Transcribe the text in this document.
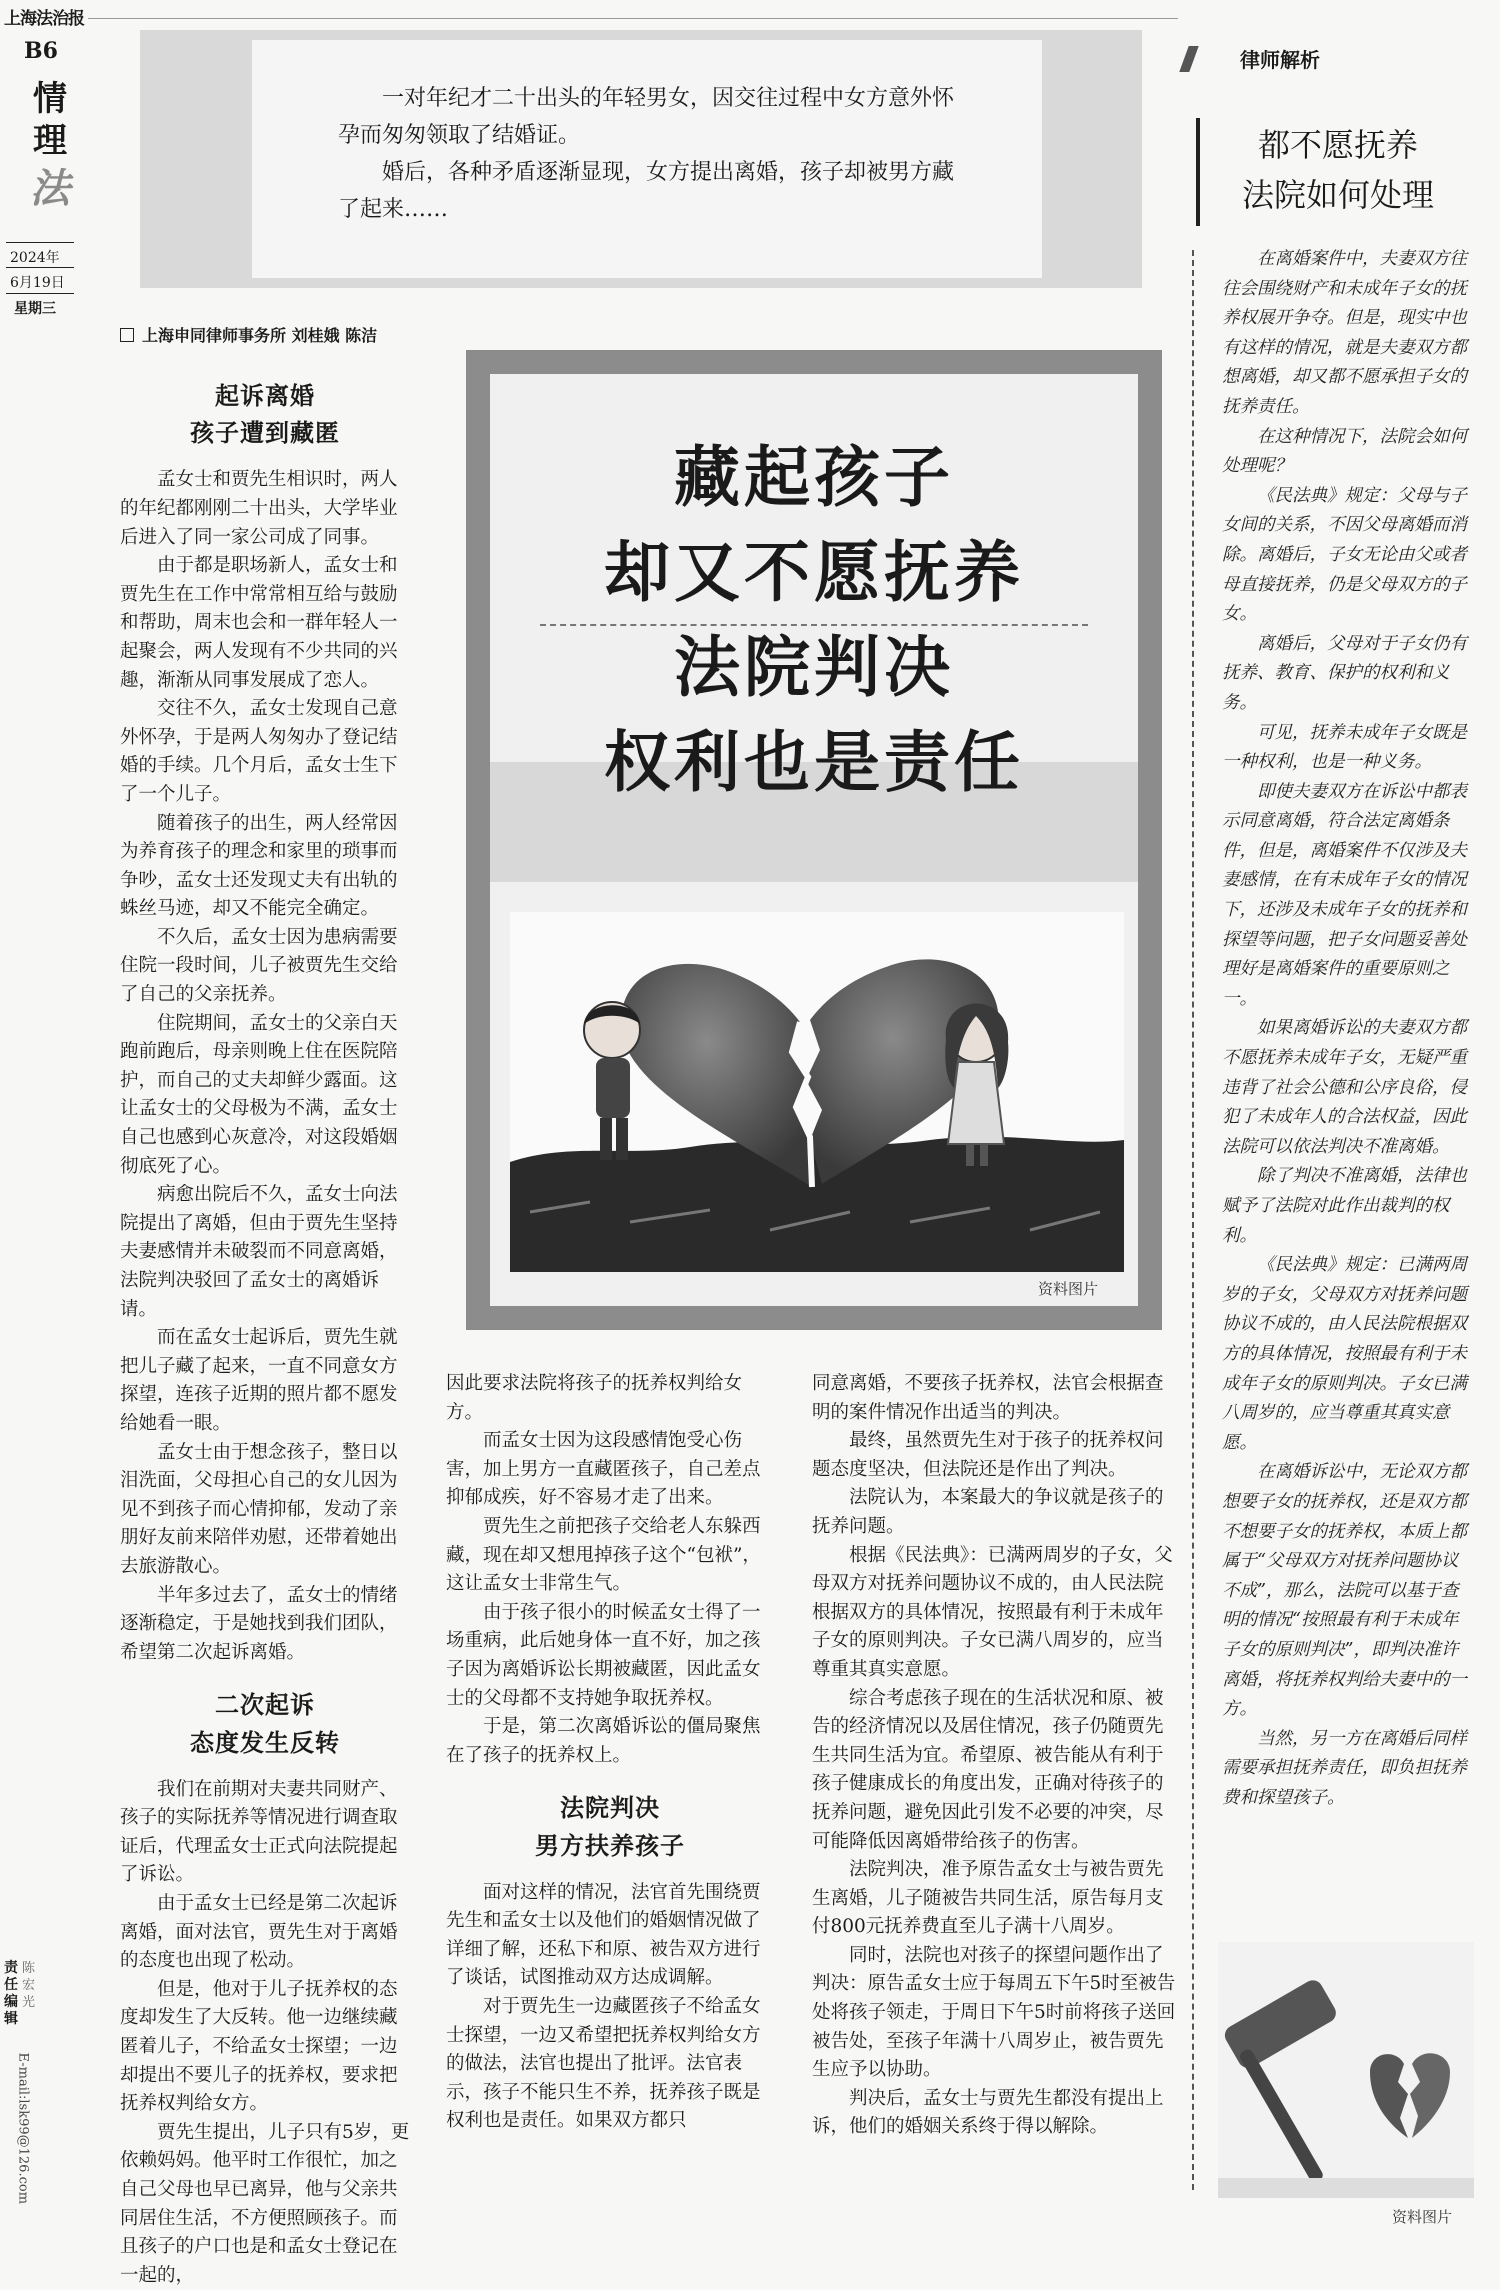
上海法治报
B6
情
理
法
2024年
6月19日
星期三

一对年纪才二十出头的年轻男女，因交往过程中女方意外怀孕而匆匆领取了结婚证。

婚后，各种矛盾逐渐显现，女方提出离婚，孩子却被男方藏了起来……

上海申同律师事务所 刘桂娥 陈洁
起诉离婚
孩子遭到藏匿

孟女士和贾先生相识时，两人的年纪都刚刚二十出头，大学毕业后进入了同一家公司成了同事。

由于都是职场新人，孟女士和贾先生在工作中常常相互给与鼓励和帮助，周末也会和一群年轻人一起聚会，两人发现有不少共同的兴趣，渐渐从同事发展成了恋人。

交往不久，孟女士发现自己意外怀孕，于是两人匆匆办了登记结婚的手续。几个月后，孟女士生下了一个儿子。

随着孩子的出生，两人经常因为养育孩子的理念和家里的琐事而争吵，孟女士还发现丈夫有出轨的蛛丝马迹，却又不能完全确定。

不久后，孟女士因为患病需要住院一段时间，儿子被贾先生交给了自己的父亲抚养。

住院期间，孟女士的父亲白天跑前跑后，母亲则晚上住在医院陪护，而自己的丈夫却鲜少露面。这让孟女士的父母极为不满，孟女士自己也感到心灰意冷，对这段婚姻彻底死了心。

病愈出院后不久，孟女士向法院提出了离婚，但由于贾先生坚持夫妻感情并未破裂而不同意离婚，法院判决驳回了孟女士的离婚诉请。

而在孟女士起诉后，贾先生就把儿子藏了起来，一直不同意女方探望，连孩子近期的照片都不愿发给她看一眼。

孟女士由于想念孩子，整日以泪洗面，父母担心自己的女儿因为见不到孩子而心情抑郁，发动了亲朋好友前来陪伴劝慰，还带着她出去旅游散心。

半年多过去了，孟女士的情绪逐渐稳定，于是她找到我们团队，希望第二次起诉离婚。

二次起诉
态度发生反转

我们在前期对夫妻共同财产、孩子的实际抚养等情况进行调查取证后，代理孟女士正式向法院提起了诉讼。

由于孟女士已经是第二次起诉离婚，面对法官，贾先生对于离婚的态度也出现了松动。

但是，他对于儿子抚养权的态度却发生了大反转。他一边继续藏匿着儿子，不给孟女士探望；一边却提出不要儿子的抚养权，要求把抚养权判给女方。

贾先生提出，儿子只有5岁，更依赖妈妈。他平时工作很忙，加之自己父母也早已离异，他与父亲共同居住生活，不方便照顾孩子。而且孩子的户口也是和孟女士登记在一起的，

藏起孩子
却又不愿抚养
法院判决
权利也是责任
资料图片

因此要求法院将孩子的抚养权判给女方。

而孟女士因为这段感情饱受心伤害，加上男方一直藏匿孩子，自己差点抑郁成疾，好不容易才走了出来。

贾先生之前把孩子交给老人东躲西藏，现在却又想甩掉孩子这个“包袱”，这让孟女士非常生气。

由于孩子很小的时候孟女士得了一场重病，此后她身体一直不好，加之孩子因为离婚诉讼长期被藏匿，因此孟女士的父母都不支持她争取抚养权。

于是，第二次离婚诉讼的僵局聚焦在了孩子的抚养权上。

法院判决
男方扶养孩子

面对这样的情况，法官首先围绕贾先生和孟女士以及他们的婚姻情况做了详细了解，还私下和原、被告双方进行了谈话，试图推动双方达成调解。

对于贾先生一边藏匿孩子不给孟女士探望，一边又希望把抚养权判给女方的做法，法官也提出了批评。法官表示，孩子不能只生不养，抚养孩子既是权利也是责任。如果双方都只

同意离婚，不要孩子抚养权，法官会根据查明的案件情况作出适当的判决。

最终，虽然贾先生对于孩子的抚养权问题态度坚决，但法院还是作出了判决。

法院认为，本案最大的争议就是孩子的抚养问题。

根据《民法典》：已满两周岁的子女，父母双方对抚养问题协议不成的，由人民法院根据双方的具体情况，按照最有利于未成年子女的原则判决。子女已满八周岁的，应当尊重其真实意愿。

综合考虑孩子现在的生活状况和原、被告的经济情况以及居住情况，孩子仍随贾先生共同生活为宜。希望原、被告能从有利于孩子健康成长的角度出发，正确对待孩子的抚养问题，避免因此引发不必要的冲突，尽可能降低因离婚带给孩子的伤害。

法院判决，准予原告孟女士与被告贾先生离婚，儿子随被告共同生活，原告每月支付800元抚养费直至儿子满十八周岁。

同时，法院也对孩子的探望问题作出了判决：原告孟女士应于每周五下午5时至被告处将孩子领走，于周日下午5时前将孩子送回被告处，至孩子年满十八周岁止，被告贾先生应予以协助。

判决后，孟女士与贾先生都没有提出上诉，他们的婚姻关系终于得以解除。

律师解析
都不愿抚养
法院如何处理

在离婚案件中，夫妻双方往往会围绕财产和未成年子女的抚养权展开争夺。但是，现实中也有这样的情况，就是夫妻双方都想离婚，却又都不愿承担子女的抚养责任。

在这种情况下，法院会如何处理呢？

《民法典》规定：父母与子女间的关系，不因父母离婚而消除。离婚后，子女无论由父或者母直接抚养，仍是父母双方的子女。

离婚后，父母对于子女仍有抚养、教育、保护的权利和义务。

可见，抚养未成年子女既是一种权利，也是一种义务。

即使夫妻双方在诉讼中都表示同意离婚，符合法定离婚条件，但是，离婚案件不仅涉及夫妻感情，在有未成年子女的情况下，还涉及未成年子女的抚养和探望等问题，把子女问题妥善处理好是离婚案件的重要原则之一。

如果离婚诉讼的夫妻双方都不愿抚养未成年子女，无疑严重违背了社会公德和公序良俗，侵犯了未成年人的合法权益，因此法院可以依法判决不准离婚。

除了判决不准离婚，法律也赋予了法院对此作出裁判的权利。

《民法典》规定：已满两周岁的子女，父母双方对抚养问题协议不成的，由人民法院根据双方的具体情况，按照最有利于未成年子女的原则判决。子女已满八周岁的，应当尊重其真实意愿。

在离婚诉讼中，无论双方都想要子女的抚养权，还是双方都不想要子女的抚养权，本质上都属于“父母双方对抚养问题协议不成”，那么，法院可以基于查明的情况“按照最有利于未成年子女的原则判决”，即判决准许离婚，将抚养权判给夫妻中的一方。

当然，另一方在离婚后同样需要承担抚养责任，即负担抚养费和探望孩子。

资料图片
责
任
编
辑
陈
宏
光
E-mail:lsk99@126.com
